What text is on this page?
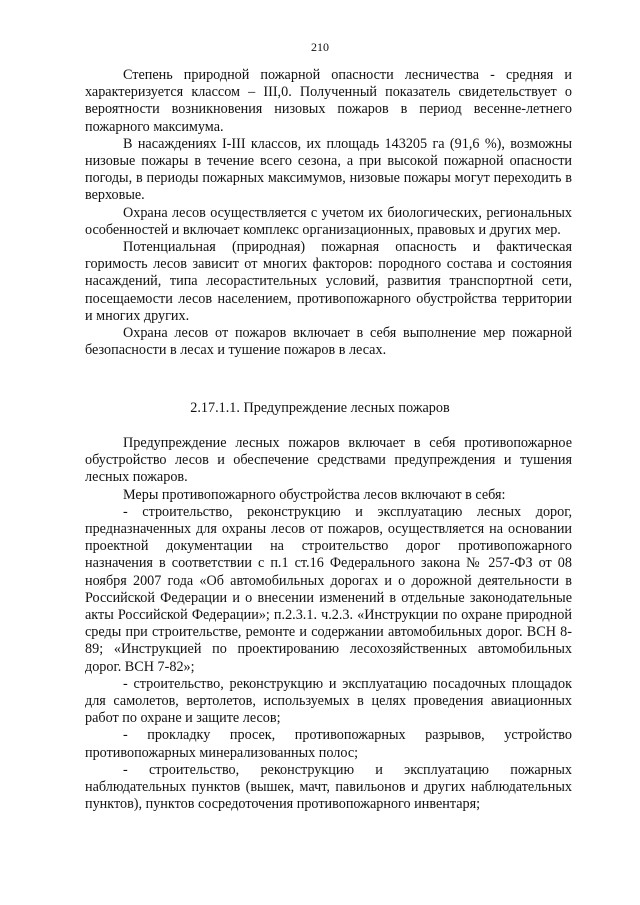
210

Степень природной пожарной опасности лесничества - средняя и характеризуется классом – III,0. Полученный показатель свидетельствует о вероятности возникновения низовых пожаров в период весенне-летнего пожарного максимума.

В насаждениях I-III классов, их площадь 143205 га (91,6 %), возможны низовые пожары в течение всего сезона, а при высокой пожарной опасности погоды, в периоды пожарных максимумов, низовые пожары могут переходить в верховые.

Охрана лесов осуществляется с учетом их биологических, региональных особенностей и включает комплекс организационных, правовых и других мер.

Потенциальная (природная) пожарная опасность и фактическая горимость лесов зависит от многих факторов: породного состава и состояния насаждений, типа лесорастительных условий, развития транспортной сети, посещаемости лесов населением, противопожарного обустройства территории и многих других.

Охрана лесов от пожаров включает в себя выполнение мер пожарной безопасности в лесах и тушение пожаров в лесах.

2.17.1.1. Предупреждение лесных пожаров

Предупреждение лесных пожаров включает в себя противопожарное обустройство лесов и обеспечение средствами предупреждения и тушения лесных пожаров.

Меры противопожарного обустройства лесов включают в себя:

- строительство, реконструкцию и эксплуатацию лесных дорог, предназначенных для охраны лесов от пожаров, осуществляется на основании проектной документации на строительство дорог противопожарного назначения в соответствии с п.1 ст.16 Федерального закона № 257-ФЗ от 08 ноября 2007 года «Об автомобильных дорогах и о дорожной деятельности в Российской Федерации и о внесении изменений в отдельные законодательные акты Российской Федерации»; п.2.3.1. ч.2.3. «Инструкции по охране природной среды при строительстве, ремонте и содержании автомобильных дорог. ВСН 8-89; «Инструкцией по проектированию лесохозяйственных автомобильных дорог. ВСН 7-82»;

- строительство, реконструкцию и эксплуатацию посадочных площадок для самолетов, вертолетов, используемых в целях проведения авиационных работ по охране и защите лесов;

- прокладку просек, противопожарных разрывов, устройство противопожарных минерализованных полос;

- строительство, реконструкцию и эксплуатацию пожарных наблюдательных пунктов (вышек, мачт, павильонов и других наблюдательных пунктов), пунктов сосредоточения противопожарного инвентаря;
